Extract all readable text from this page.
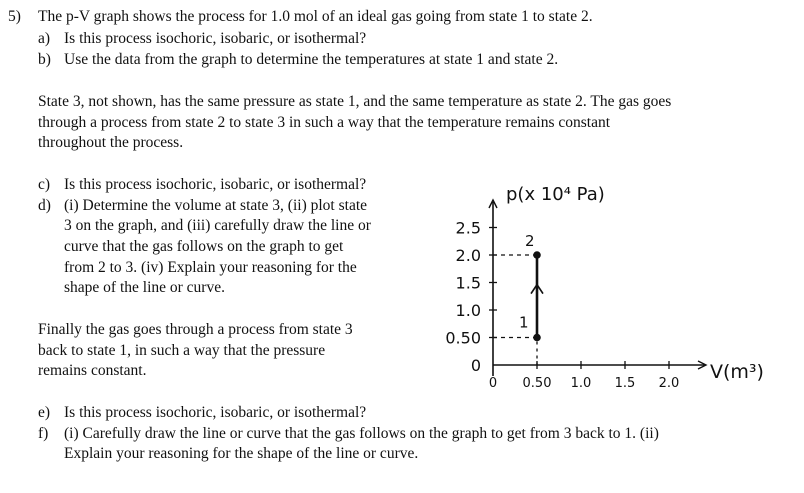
5) The p-V graph shows the process for 1.0 mol of an ideal gas going from state 1 to state 2.
a) Is this process isochoric, isobaric, or isothermal?
b) Use the data from the graph to determine the temperatures at state 1 and state 2.
State 3, not shown, has the same pressure as state 1, and the same temperature as state 2. The gas goes
through a process from state 2 to state 3 in such a way that the temperature remains constant
throughout the process.
c) Is this process isochoric, isobaric, or isothermal?
d) (i) Determine the volume at state 3, (ii) plot state
3 on the graph, and (iii) carefully draw the line or
curve that the gas follows on the graph to get
from 2 to 3. (iv) Explain your reasoning for the
shape of the line or curve.
Finally the gas goes through a process from state 3
back to state 1, in such a way that the pressure
remains constant.
e) Is this process isochoric, isobaric, or isothermal?
f) (i) Carefully draw the line or curve that the gas follows on the graph to get from 3 back to 1. (ii)
Explain your reasoning for the shape of the line or curve.
p(x 10⁴ Pa)
V(m³)
2.5
2.0
1.5
1.0
0.50
0
0 0.50 1.0 1.5 2.0
1
2
